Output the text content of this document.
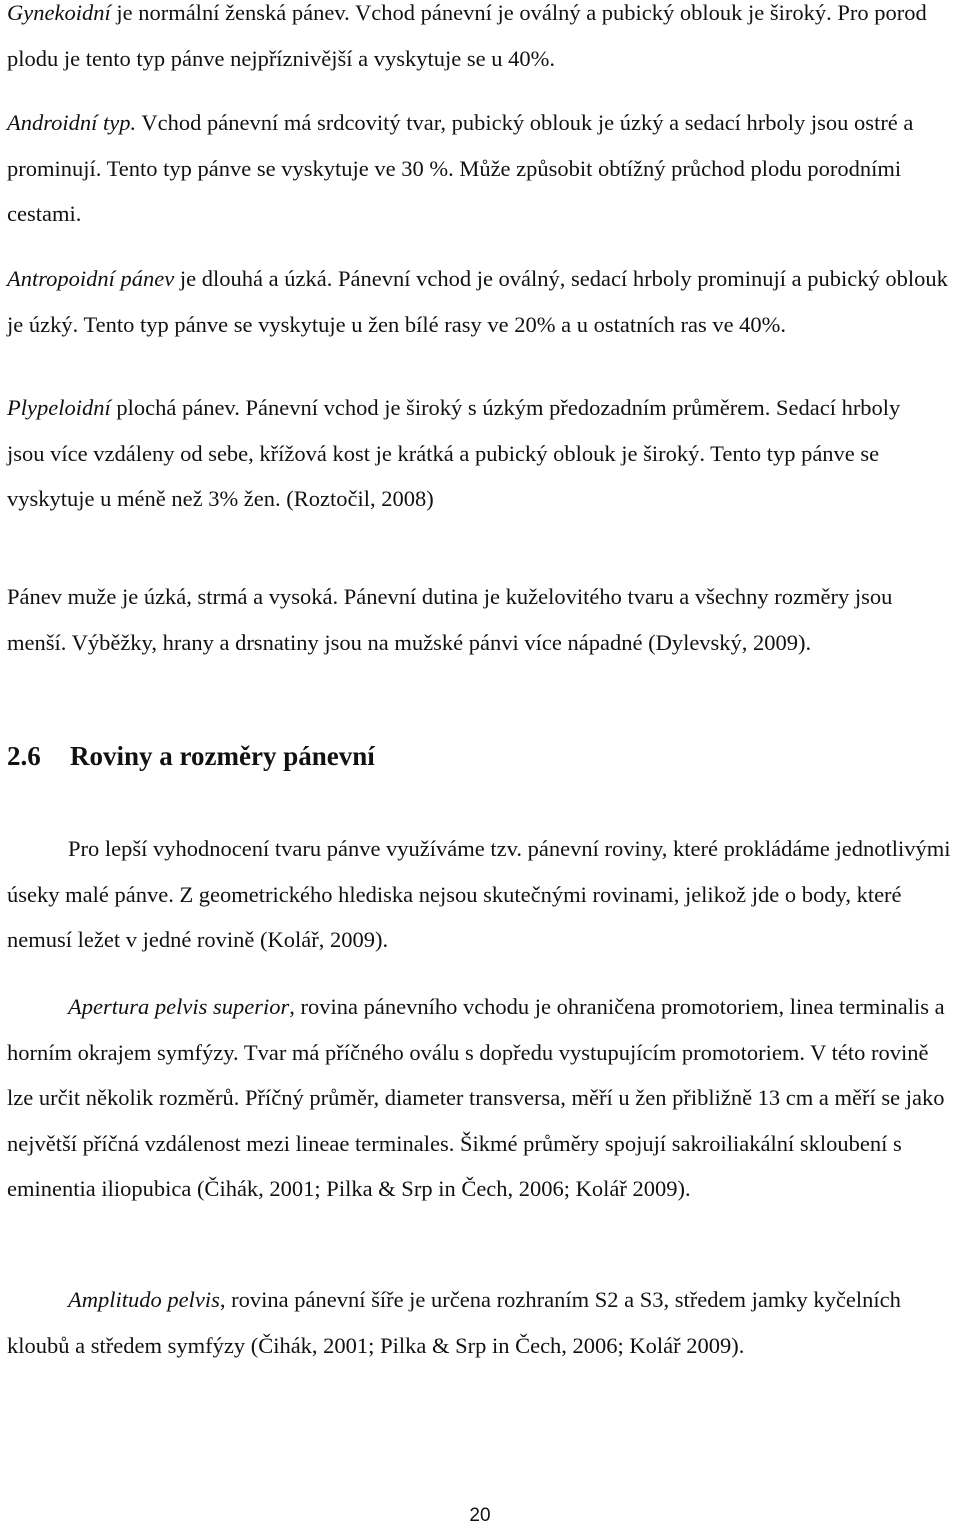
Gynekoidní je normální ženská pánev. Vchod pánevní je oválný a pubický oblouk je široký. Pro porod plodu je tento typ pánve nejpříznivější a vyskytuje se u 40%.

Androidní typ. Vchod pánevní má srdcovitý tvar, pubický oblouk je úzký a sedací hrboly jsou ostré a prominují. Tento typ pánve se vyskytuje ve 30 %. Může způsobit obtížný průchod plodu porodními cestami.

Antropoidní pánev je dlouhá a úzká. Pánevní vchod je oválný, sedací hrboly prominují a pubický oblouk je úzký. Tento typ pánve se vyskytuje u žen bílé rasy ve 20% a u ostatních ras ve 40%.

Plypeloidní plochá pánev. Pánevní vchod je široký s úzkým předozadním průměrem. Sedací hrboly jsou více vzdáleny od sebe, křížová kost je krátká a pubický oblouk je široký. Tento typ pánve se vyskytuje u méně než 3% žen. (Roztočil, 2008)

Pánev muže je úzká, strmá a vysoká. Pánevní dutina je kuželovitého tvaru a všechny rozměry jsou menší. Výběžky, hrany a drsnatiny jsou na mužské pánvi více nápadné (Dylevský, 2009).

2.6 Roviny a rozměry pánevní

Pro lepší vyhodnocení tvaru pánve využíváme tzv. pánevní roviny, které prokládáme jednotlivými úseky malé pánve. Z geometrického hlediska nejsou skutečnými rovinami, jelikož jde o body, které nemusí ležet v jedné rovině (Kolář, 2009).

Apertura pelvis superior, rovina pánevního vchodu je ohraničena promotoriem, linea terminalis a horním okrajem symfýzy. Tvar má příčného oválu s dopředu vystupujícím promotoriem. V této rovině lze určit několik rozměrů. Příčný průměr, diameter transversa, měří u žen přibližně 13 cm a měří se jako největší příčná vzdálenost mezi lineae terminales. Šikmé průměry spojují sakroiliakální skloubení s eminentia iliopubica (Čihák, 2001; Pilka & Srp in Čech, 2006; Kolář 2009).

Amplitudo pelvis, rovina pánevní šíře je určena rozhraním S2 a S3, středem jamky kyčelních kloubů a středem symfýzy (Čihák, 2001; Pilka & Srp in Čech, 2006; Kolář 2009).

20
